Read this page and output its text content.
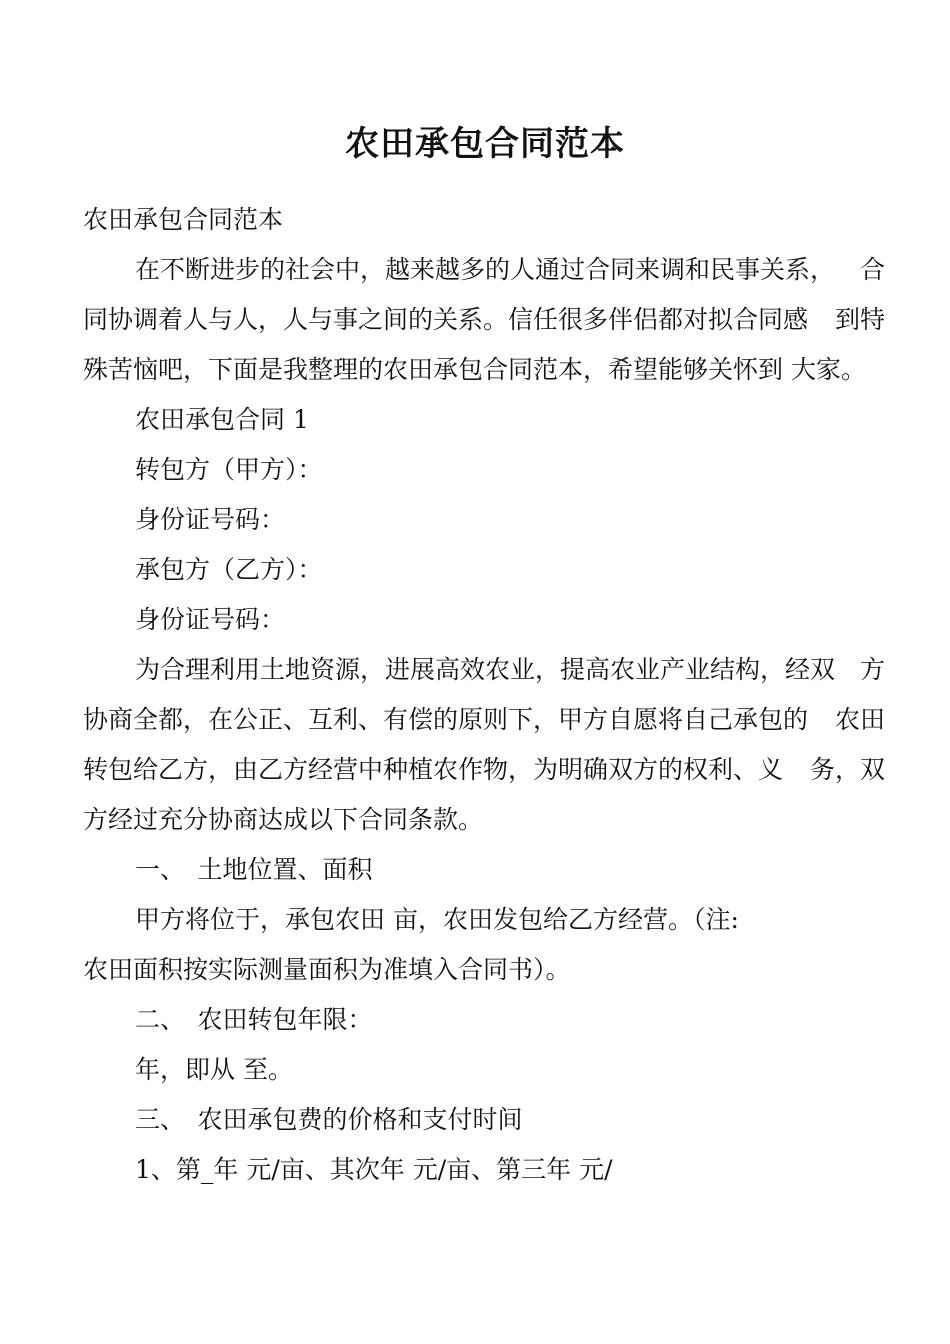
农田承包合同范本

农田承包合同范本

在不断进步的社会中，越来越多的人通过合同来调和民事关系， 合

同协调着人与人，人与事之间的关系。信任很多伴侣都对拟合同感 到特

殊苦恼吧，下面是我整理的农田承包合同范本，希望能够关怀到 大家。

农田承包合同 1

转包方（甲方）：

身份证号码：

承包方（乙方）：

身份证号码：

为合理利用土地资源，进展高效农业，提高农业产业结构，经双 方

协商全都，在公正、互利、有偿的原则下，甲方自愿将自己承包的 农田

转包给乙方，由乙方经营中种植农作物，为明确双方的权利、义 务，双

方经过充分协商达成以下合同条款。

一、　土地位置、面积

甲方将位于，承包农田 亩，农田发包给乙方经营。（注:

农田面积按实际测量面积为准填入合同书）。

二、　农田转包年限：

年，即从 至。

三、　农田承包费的价格和支付时间

1、第_年 元/亩、其次年 元/亩、第三年 元/
